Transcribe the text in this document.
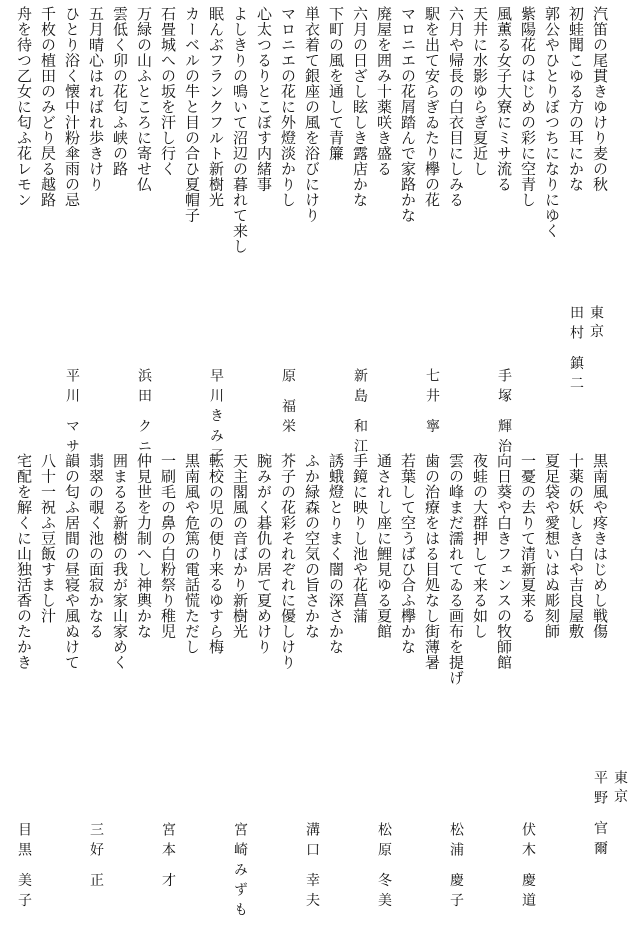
汽笛の尾貫きゆけり麦の秋
初蛙聞こゆる方の耳にかな
郭公やひとりぼつちになりにゆく
紫陽花のはじめの彩に空青し
風薫る女子大寮にミサ流る
天井に水影ゆらぎ夏近し
六月や帰長の白衣目にしみる
駅を出て安らぎゐたり欅の花
マロニエの花屑踏んで家路かな
廃屋を囲み十薬咲き盛る
六月の日ざし眩しき露店かな
下町の風を通して青簾
単衣着て銀座の風を浴びにけり
マロニエの花に外燈淡かりし
心太つるりとこぼす内緒事
よしきりの鳴いて沼辺の暮れて来し
眠んぶフランクフルト新樹光
カーベルの牛と目の合ひ夏帽子
石畳城への坂を汗し行く
万緑の山ふところに寄せ仏
雲低く卯の花匂ふ峡の路
五月晴心はればれ歩きけり
ひとり浴く懐中汁粉傘雨の忌
千枚の植田のみどり昃る越路
舟を待つ乙女に匂ふ花レモン
東 京
田村 鎮二
手塚 輝治
七井 寧
新島 和江
原 福栄
早川きみ子
浜田 クニ
平川 マサ
黒南風や疼きはじめし戦傷
十薬の妖しき白や吉良屋敷
夏足袋や愛想いはぬ彫刻師
一憂の去りて清新夏来る
向日葵や白きフェンスの牧師館
夜蛙の大群押して来る如し
雲の峰まだ濡れてゐる画布を提げ
歯の治療をはる目処なし街薄暑
若葉して空うばひ合ふ欅かな
通されし座に鯉見ゆる夏館
手鏡に映りし池や花菖蒲
誘蛾燈とりまく闇の深さかな
ふか緑森の空気の旨さかな
芥子の花彩それぞれに優しけり
腕みがく碁仇の居て夏めけり
天主閣風の音ばかり新樹光
転校の児の便り来るゆすら梅
黒南風や危篤の電話慌ただし
一刷毛の鼻の白粉祭り稚児
仲見世を力制へし神輿かな
囲まるる新樹の我が家山家めく
翡翠の覗く池の面寂かなる
韻の匂ふ居間の昼寝や風ぬけて
八十一祝ふ豆飯すまし汁
宅配を解くに山独活香のたかき
東 京
平野 官爾
伏木 慶道
松浦 慶子
松原 冬美
溝口 幸夫
宮崎みずも
宮本 才
三好 正
目黒 美子
